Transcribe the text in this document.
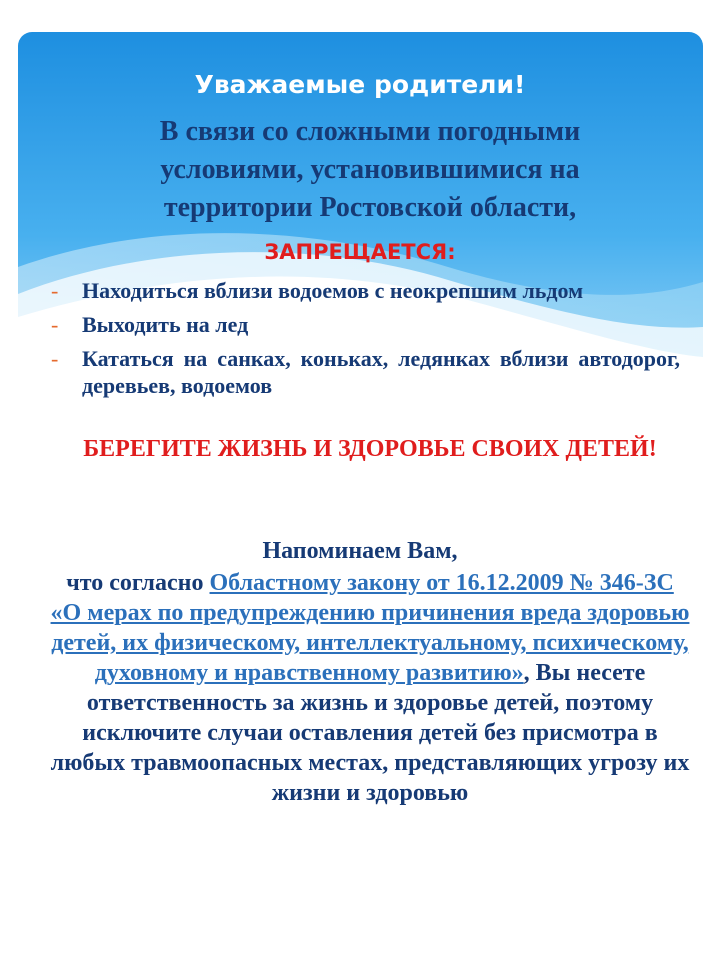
Уважаемые родители!
В связи со сложными погодными условиями, установившимися на территории Ростовской области,
ЗАПРЕЩАЕТСЯ:
- Находиться вблизи водоемов с неокрепшим льдом
- Выходить на лед
- Кататься на санках, коньках, ледянках вблизи автодорог, деревьев, водоемов
БЕРЕГИТЕ ЖИЗНЬ И ЗДОРОВЬЕ СВОИХ ДЕТЕЙ!
Напоминаем Вам,
что согласно Областному закону от 16.12.2009 № 346-ЗС «О мерах по предупреждению причинения вреда здоровью детей, их физическому, интеллектуальному, психическому, духовному и нравственному развитию», Вы несете ответственность за жизнь и здоровье детей, поэтому исключите случаи оставления детей без присмотра в любых травмоопасных местах, представляющих угрозу их жизни и здоровью
